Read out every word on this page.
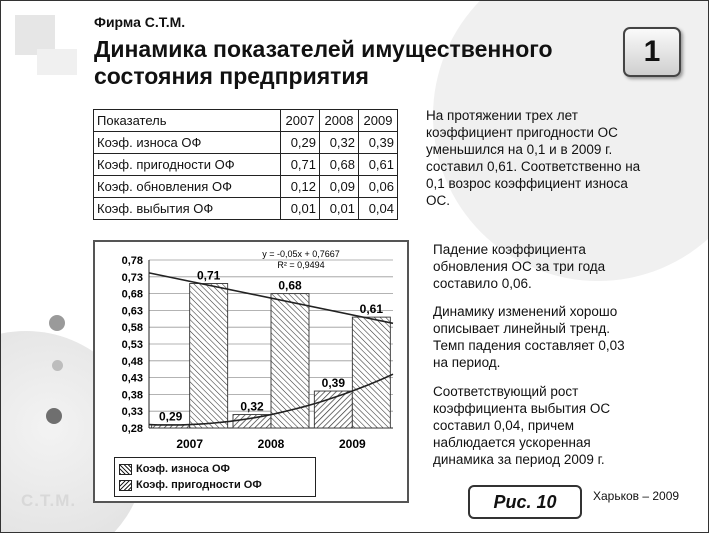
Фирма С.Т.М.
Динамика показателей имущественного
состояния предприятия
1
Показатель	2007	2008	2009
Коэф. износа ОФ	0,29	0,32	0,39
Коэф. пригодности ОФ	0,71	0,68	0,61
Коэф. обновления ОФ	0,12	0,09	0,06
Коэф. выбытия ОФ	0,01	0,01	0,04
На протяжении трех лет
коэффициент пригодности ОС
уменьшился на 0,1 и в 2009 г.
составил 0,61. Соответственно на
0,1 возрос коэффициент износа
ОС.
Падение коэффициента
обновления ОС за три года
составило 0,06.
Динамику изменений хорошо
описывает линейный тренд.
Темп падения составляет 0,03
на период.
Соответствующий рост
коэффициента выбытия ОС
составил 0,04, причем
наблюдается ускоренная
динамика за период 2009 г.
0,78
0,73
0,68
0,63
0,58
0,53
0,48
0,43
0,38
0,33
0,28
2007	2008	2009
0,29
0,32
0,39
0,71
0,68
0,61
y = -0,05x + 0,7667
R² = 0,9494
Коэф. износа ОФ
Коэф. пригодности ОФ
Рис. 10	Харьков – 2009
С.Т.М.
